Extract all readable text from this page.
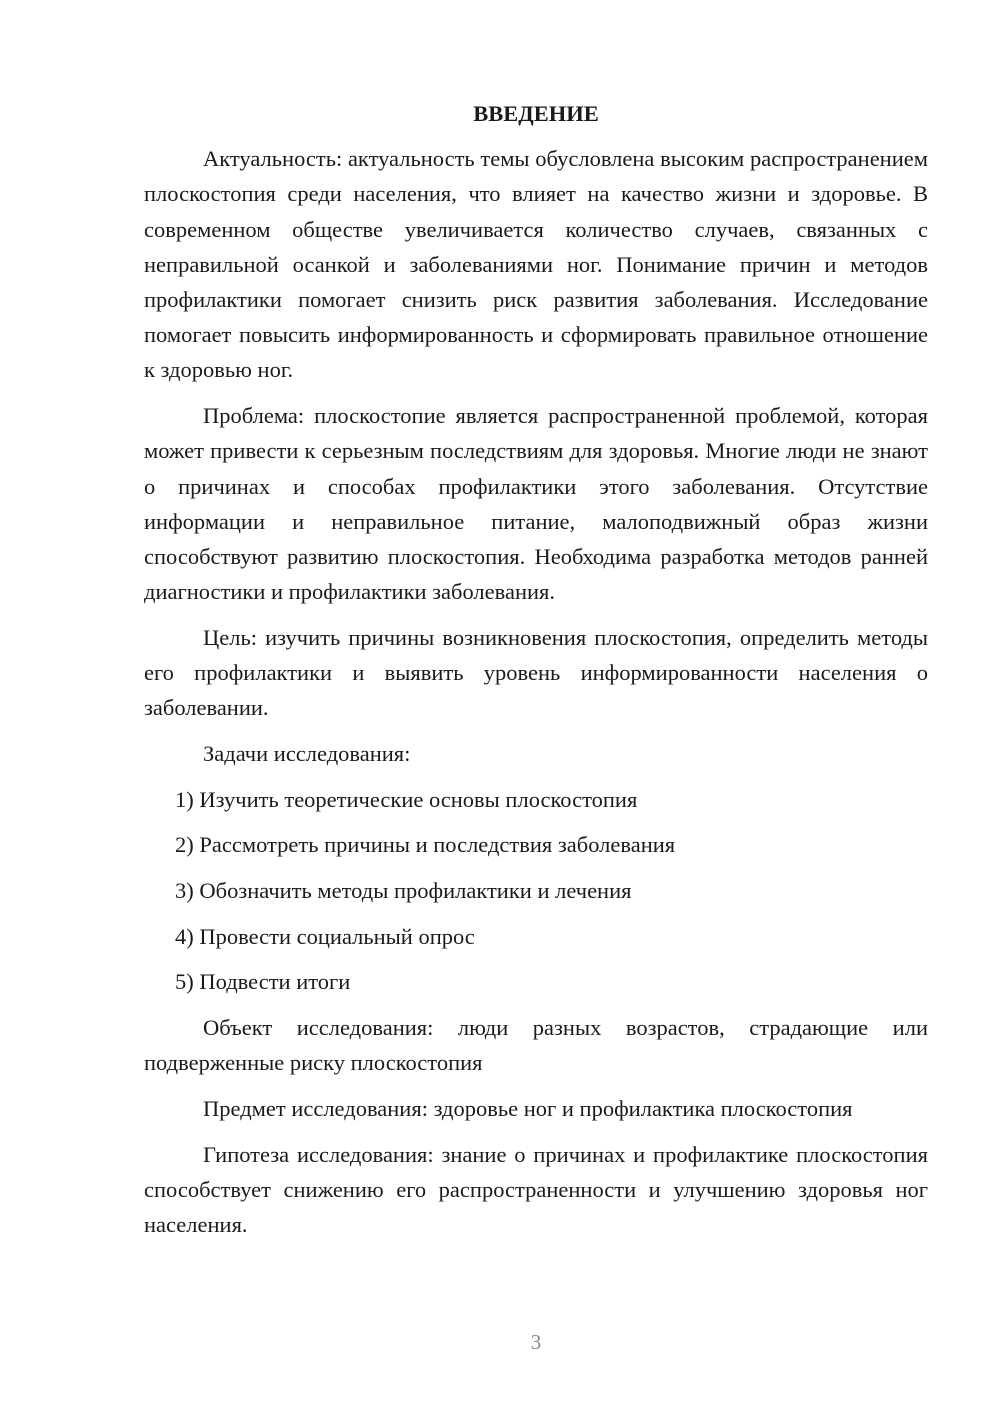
ВВЕДЕНИЕ

Актуальность: актуальность темы обусловлена высоким распространением плоскостопия среди населения, что влияет на качество жизни и здоровье. В современном обществе увеличивается количество случаев, связанных с неправильной осанкой и заболеваниями ног. Понимание причин и методов профилактики помогает снизить риск развития заболевания. Исследование помогает повысить информированность и сформировать правильное отношение к здоровью ног.

Проблема: плоскостопие является распространенной проблемой, которая может привести к серьезным последствиям для здоровья. Многие люди не знают о причинах и способах профилактики этого заболевания. Отсутствие информации и неправильное питание, малоподвижный образ жизни способствуют развитию плоскостопия. Необходима разработка методов ранней диагностики и профилактики заболевания.

Цель: изучить причины возникновения плоскостопия, определить методы его профилактики и выявить уровень информированности населения о заболевании.

Задачи исследования:

1) Изучить теоретические основы плоскостопия

2) Рассмотреть причины и последствия заболевания

3) Обозначить методы профилактики и лечения

4) Провести социальный опрос

5) Подвести итоги

Объект исследования: люди разных возрастов, страдающие или подверженные риску плоскостопия

Предмет исследования: здоровье ног и профилактика плоскостопия

Гипотеза исследования: знание о причинах и профилактике плоскостопия способствует снижению его распространенности и улучшению здоровья ног населения.

3
